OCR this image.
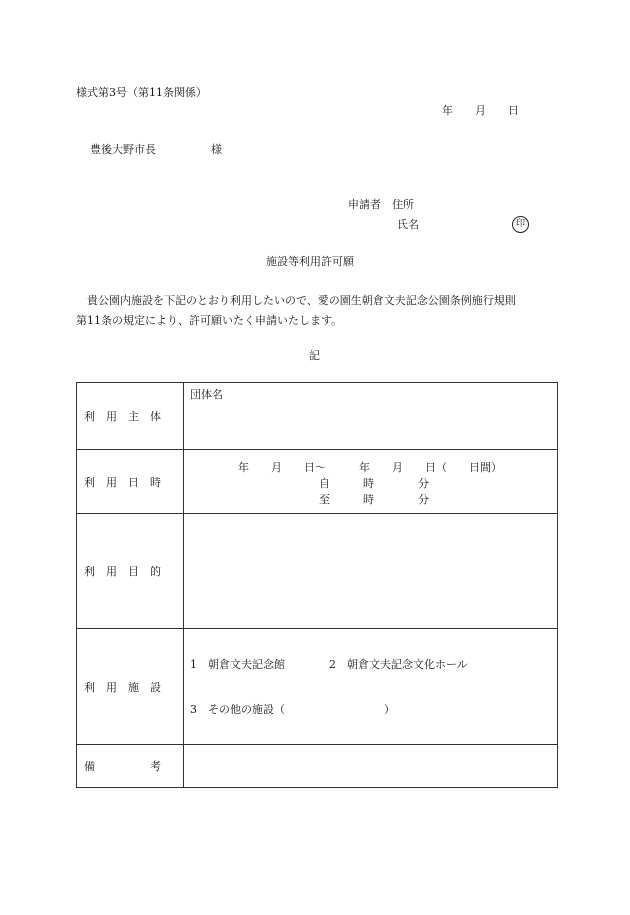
様式第3号（第11条関係）
年　　月　　日
豊後大野市長　　　　　様
申請者　住所
氏名	印
施設等利用許可願
　貴公園内施設を下記のとおり利用したいので、愛の園生朝倉文夫記念公園条例施行規則
第11条の規定により、許可願いたく申請いたします。
記
利　用　主　体	団体名

利　用　日　時	年　　月　　日～　　　年　　月　　日（　　日間）
自　　　時　　　　分
至　　　時　　　　分

利　用　目　的	
利　用　施　設	1　朝倉文夫記念館　　　　2　朝倉文夫記念文化ホール
3　その他の施設（　　　　　　　　　）

備　　　　　考	
